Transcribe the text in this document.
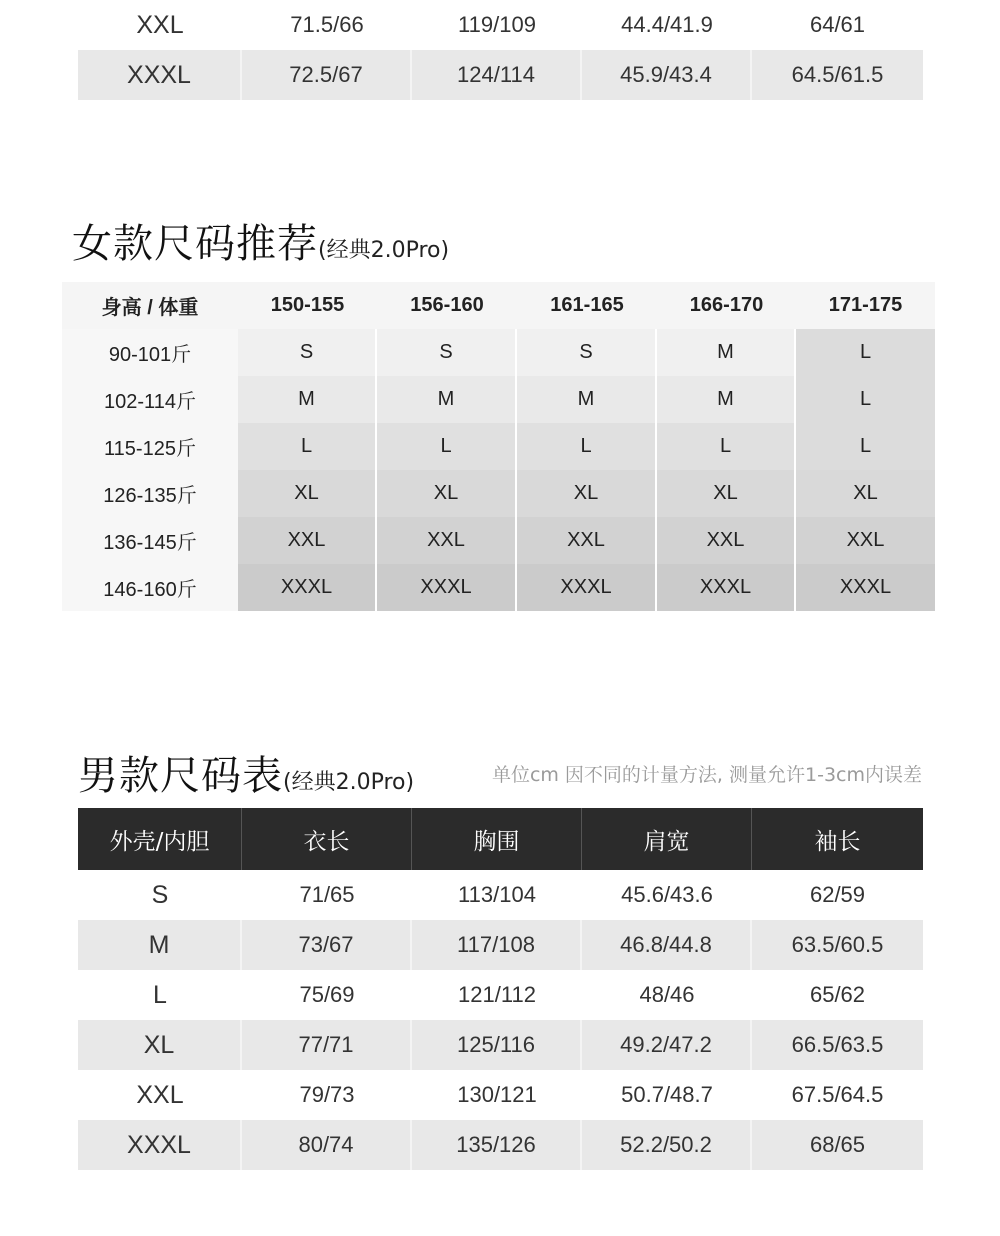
XXL	71.5/66	119/109	44.4/41.9	64/61
XXXL	72.5/67	124/114	45.9/43.4	64.5/61.5
女款尺码推荐 (经典2.0Pro)
身高 / 体重	150-155	156-160	161-165	166-170	171-175
90-101斤	S	S	S	M	L
102-114斤	M	M	M	M	L
115-125斤	L	L	L	L	L
126-135斤	XL	XL	XL	XL	XL
136-145斤	XXL	XXL	XXL	XXL	XXL
146-160斤	XXXL	XXXL	XXXL	XXXL	XXXL
男款尺码表 (经典2.0Pro)	单位cm 因不同的计量方法, 测量允许1-3cm内误差
外壳/内胆	衣长	胸围	肩宽	袖长
S	71/65	113/104	45.6/43.6	62/59
M	73/67	117/108	46.8/44.8	63.5/60.5
L	75/69	121/112	48/46	65/62
XL	77/71	125/116	49.2/47.2	66.5/63.5
XXL	79/73	130/121	50.7/48.7	67.5/64.5
XXXL	80/74	135/126	52.2/50.2	68/65
